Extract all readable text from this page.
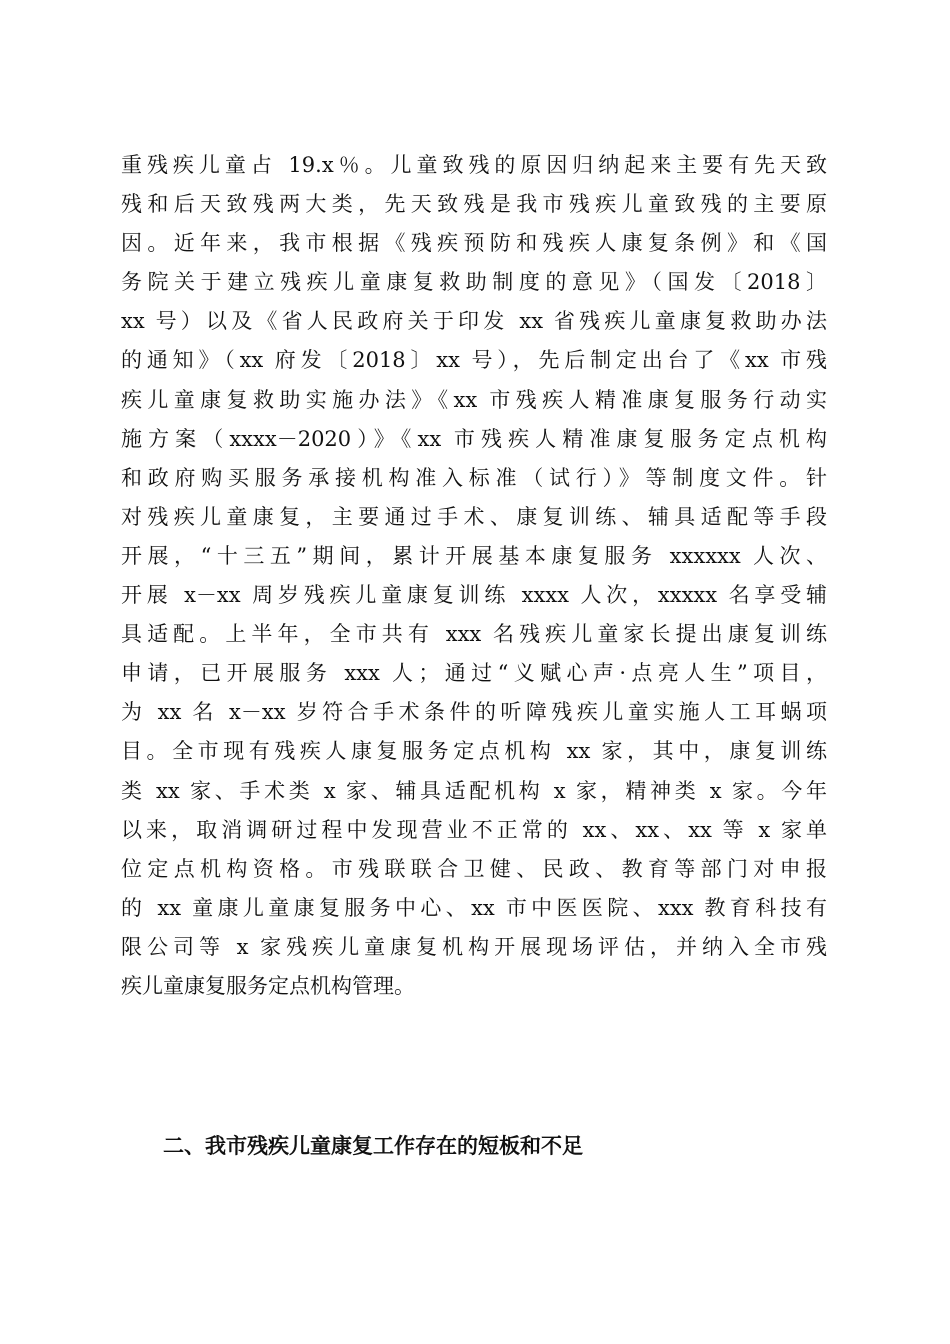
重残疾儿童占 19.x％。儿童致残的原因归纳起来主要有先天致
残和后天致残两大类，先天致残是我市残疾儿童致残的主要原
因。近年来，我市根据《残疾预防和残疾人康复条例》和《国
务院关于建立残疾儿童康复救助制度的意见》（国发〔2018〕
xx 号）以及《省人民政府关于印发 xx 省残疾儿童康复救助办法
的通知》（xx 府发〔2018〕xx 号），先后制定出台了《xx 市残
疾儿童康复救助实施办法》《xx 市残疾人精准康复服务行动实
施方案（xxxx－2020）》《xx 市残疾人精准康复服务定点机构
和政府购买服务承接机构准入标准（试行）》等制度文件。针
对残疾儿童康复，主要通过手术、康复训练、辅具适配等手段
开展，“十三五”期间，累计开展基本康复服务 xxxxxx 人次、
开展 x－xx 周岁残疾儿童康复训练 xxxx 人次，xxxxx 名享受辅
具适配。上半年，全市共有 xxx 名残疾儿童家长提出康复训练
申请，已开展服务 xxx 人；通过“义赋心声·点亮人生”项目，
为 xx 名 x－xx 岁符合手术条件的听障残疾儿童实施人工耳蜗项
目。全市现有残疾人康复服务定点机构 xx 家，其中，康复训练
类 xx 家、手术类 x 家、辅具适配机构 x 家，精神类 x 家。今年
以来，取消调研过程中发现营业不正常的 xx、xx、xx 等 x 家单
位定点机构资格。市残联联合卫健、民政、教育等部门对申报
的 xx 童康儿童康复服务中心、xx 市中医医院、xxx 教育科技有
限公司等 x 家残疾儿童康复机构开展现场评估，并纳入全市残
疾儿童康复服务定点机构管理。
二、我市残疾儿童康复工作存在的短板和不足
